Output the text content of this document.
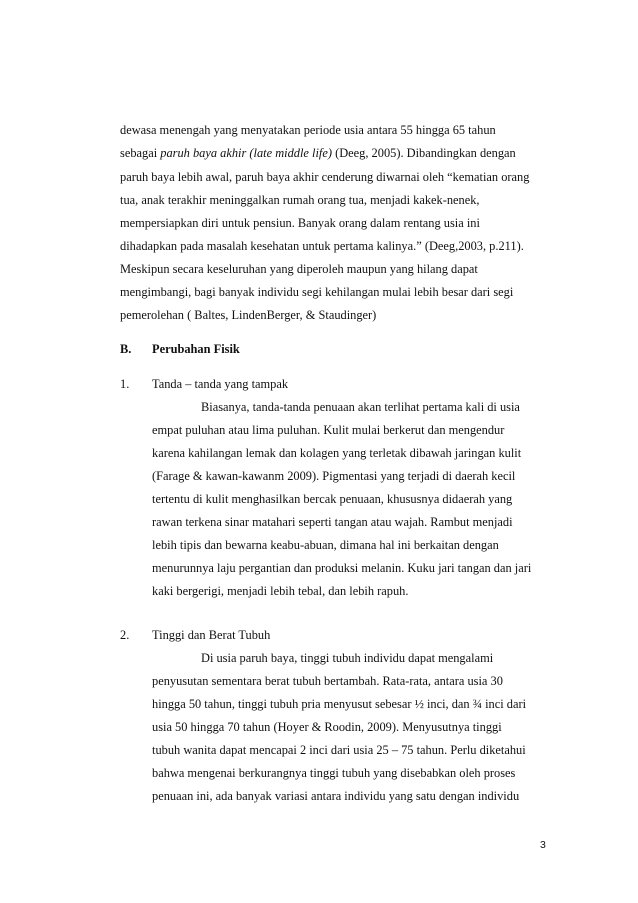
dewasa menengah yang menyatakan periode usia antara 55 hingga 65 tahun
sebagai paruh baya akhir (late middle life) (Deeg, 2005). Dibandingkan dengan
paruh baya lebih awal, paruh baya akhir cenderung diwarnai oleh “kematian orang
tua, anak terakhir meninggalkan rumah orang tua, menjadi kakek-nenek,
mempersiapkan diri untuk pensiun. Banyak orang dalam rentang usia ini
dihadapkan pada masalah kesehatan untuk pertama kalinya.” (Deeg,2003, p.211).
Meskipun secara keseluruhan yang diperoleh maupun yang hilang dapat
mengimbangi, bagi banyak individu segi kehilangan mulai lebih besar dari segi
pemerolehan ( Baltes, LindenBerger, & Staudinger)
B. Perubahan Fisik
1. Tanda – tanda yang tampak
Biasanya, tanda-tanda penuaan akan terlihat pertama kali di usia
empat puluhan atau lima puluhan. Kulit mulai berkerut dan mengendur
karena kahilangan lemak dan kolagen yang terletak dibawah jaringan kulit
(Farage & kawan-kawanm 2009). Pigmentasi yang terjadi di daerah kecil
tertentu di kulit menghasilkan bercak penuaan, khususnya didaerah yang
rawan terkena sinar matahari seperti tangan atau wajah. Rambut menjadi
lebih tipis dan bewarna keabu-abuan, dimana hal ini berkaitan dengan
menurunnya laju pergantian dan produksi melanin. Kuku jari tangan dan jari
kaki bergerigi, menjadi lebih tebal, dan lebih rapuh.
2. Tinggi dan Berat Tubuh
Di usia paruh baya, tinggi tubuh individu dapat mengalami
penyusutan sementara berat tubuh bertambah. Rata-rata, antara usia 30
hingga 50 tahun, tinggi tubuh pria menyusut sebesar ½ inci, dan ¾ inci dari
usia 50 hingga 70 tahun (Hoyer & Roodin, 2009). Menyusutnya tinggi
tubuh wanita dapat mencapai 2 inci dari usia 25 – 75 tahun. Perlu diketahui
bahwa mengenai berkurangnya tinggi tubuh yang disebabkan oleh proses
penuaan ini, ada banyak variasi antara individu yang satu dengan individu
3
